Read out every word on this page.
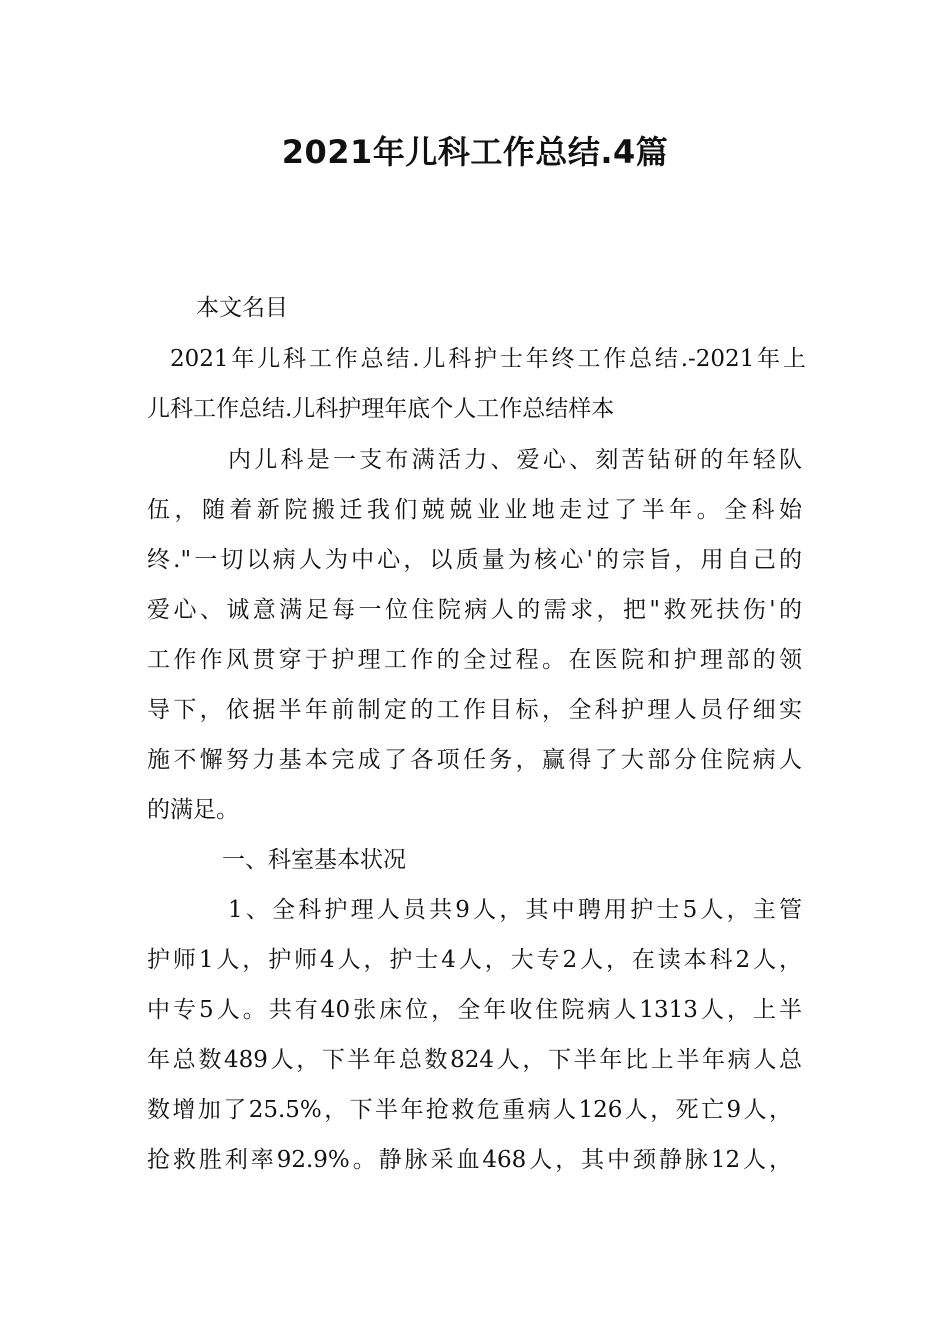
2021年儿科工作总结.4篇
本文名目
2021年儿科工作总结.儿科护士年终工作总结.-2021年上
儿科工作总结.儿科护理年底个人工作总结样本
内儿科是一支布满活力、爱心、刻苦钻研的年轻队
伍，随着新院搬迁我们兢兢业业地走过了半年。全科始
终."一切以病人为中心，以质量为核心'的宗旨，用自己的
爱心、诚意满足每一位住院病人的需求，把"救死扶伤'的
工作作风贯穿于护理工作的全过程。在医院和护理部的领
导下，依据半年前制定的工作目标，全科护理人员仔细实
施不懈努力基本完成了各项任务，赢得了大部分住院病人
的满足。
一、科室基本状况
1、全科护理人员共9人，其中聘用护士5人，主管
护师1人，护师4人，护士4人，大专2人，在读本科2人，
中专5人。共有40张床位，全年收住院病人1313人，上半
年总数489人，下半年总数824人，下半年比上半年病人总
数增加了25.5%，下半年抢救危重病人126人，死亡9人，
抢救胜利率92.9%。静脉采血468人，其中颈静脉12人，
